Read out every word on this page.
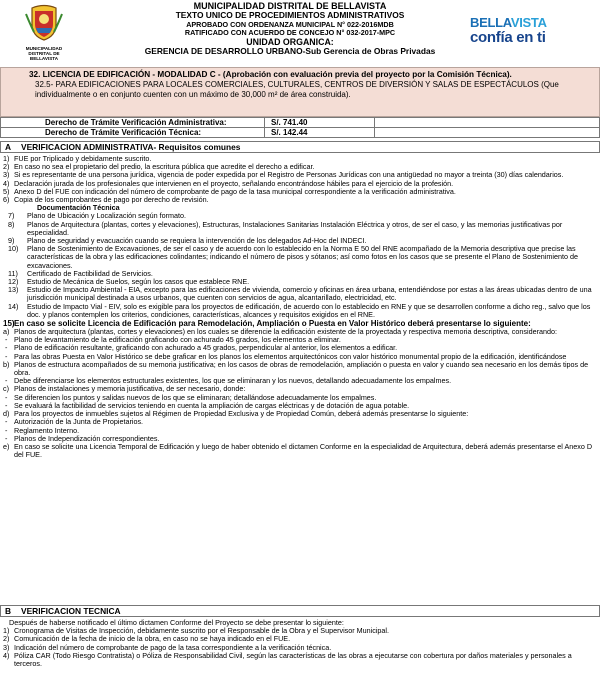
MUNICIPALIDAD DISTRITAL DE BELLAVISTA
MUNICIPALIDAD DISTRITAL DE BELLAVISTA
TEXTO UNICO DE PROCEDIMIENTOS ADMINISTRATIVOS
APROBADO CON ORDENANZA MUNICIPAL N° 022-2016MDB
RATIFICADO CON ACUERDO DE CONCEJO N° 032-2017-MPC
UNIDAD ORGANICA:
GERENCIA DE DESARROLLO URBANO-Sub Gerencia de Obras Privadas
BELLAVISTA
confía en ti
32. LICENCIA DE EDIFICACIÓN - MODALIDAD C - (Aprobación con evaluación previa del proyecto por la Comisión Técnica).
32.5- PARA EDIFICACIONES PARA LOCALES COMERCIALES, CULTURALES, CENTROS DE DIVERSIÓN Y SALAS DE ESPECTÁCULOS (Que individualmente o en conjunto cuenten con un máximo de 30,000 m² de área construida).
Derecho de Trámite Verificación Administrativa:	S/. 741.40	
Derecho de Trámite Verificación Técnica:	S/. 142.44	
A VERIFICACION ADMINISTRATIVA- Requisitos comunes
1) FUE por Triplicado y debidamente suscrito.
2) En caso no sea el propietario del predio, la escritura pública que acredite el derecho a edificar.
3) Si es representante de una persona jurídica, vigencia de poder expedida por el Registro de Personas Jurídicas con una antigüedad no mayor a treinta (30) días calendarios.
4) Declaración jurada de los profesionales que intervienen en el proyecto, señalando encontrándose hábiles para el ejercicio de la profesión.
5) Anexo D del FUE con indicación del número de comprobante de pago de la tasa municipal correspondiente a la verificación administrativa.
6) Copia de los comprobantes de pago por derecho de revisión.
Documentación Técnica
7) Plano de Ubicación y Localización según formato.
8) Planos de Arquitectura (plantas, cortes y elevaciones), Estructuras, Instalaciones Sanitarias Instalación Eléctrica y otros, de ser el caso, y las memorias justificativas por especialidad.
9) Plano de seguridad y evacuación cuando se requiera la intervención de los delegados Ad-Hoc del INDECI.
10) Plano de Sostenimiento de Excavaciones, de ser el caso y de acuerdo con lo establecido en la Norma E 50 del RNE acompañado de la Memoria descriptiva que precise las características de la obra y las edificaciones colindantes; indicando el número de pisos y sótanos; así como fotos en los casos que se presente el Plano de Sostenimiento de excavaciones.
11) Certificado de Factibilidad de Servicios.
12) Estudio de Mecánica de Suelos, según los casos que establece RNE.
13) Estudio de Impacto Ambiental - EIA, excepto para las edificaciones de vivienda, comercio y oficinas en área urbana, entendiéndose por estas a las áreas ubicadas dentro de una jurisdicción municipal destinada a usos urbanos, que cuenten con servicios de agua, alcantarillado, electricidad, etc.
14) Estudio de Impacto Vial - EIV, solo es exigible para los proyectos de edificación, de acuerdo con lo establecido en RNE y que se desarrollen conforme a dicho reg., salvo que los doc. y planos contemplen los criterios, condiciones, características, alcances y requisitos exigidos en el RNE.
15) En caso se solicite Licencia de Edificación para Remodelación, Ampliación o Puesta en Valor Histórico deberá presentarse lo siguiente:
a) Planos de arquitectura (plantas, cortes y elevaciones) en los cuales se diferencie la edificación existente de la proyectada y respectiva memoria descriptiva, considerando:
- Plano de levantamiento de la edificación graficando con achurado 45 grados, los elementos a eliminar.
- Plano de edificación resultante, graficando con achurado a 45 grados, perpendicular al anterior, los elementos a edificar.
- Para las obras Puesta en Valor Histórico se debe graficar en los planos los elementos arquitectónicos con valor histórico monumental propio de la edificación, identificándose
b) Planos de estructura acompañados de su memoria justificativa; en los casos de obras de remodelación, ampliación o puesta en valor y cuando sea necesario en los demás tipos de obra.
- Debe diferenciarse los elementos estructurales existentes, los que se eliminaran y los nuevos, detallando adecuadamente los empalmes.
c) Planos de instalaciones y memoria justificativa, de ser necesario, donde:
- Se diferencien los puntos y salidas nuevos de los que se eliminaran; detallándose adecuadamente los empalmes.
- Se evaluará la factibilidad de servicios teniendo en cuenta la ampliación de cargas eléctricas y de dotación de agua potable.
d) Para los proyectos de inmuebles sujetos al Régimen de Propiedad Exclusiva y de Propiedad Común, deberá además presentarse lo siguiente:
- Autorización de la Junta de Propietarios.
- Reglamento Interno.
- Planos de Independización correspondientes.
e) En caso se solicite una Licencia Temporal de Edificación y luego de haber obtenido el dictamen Conforme en la especialidad de Arquitectura, deberá además presentarse el Anexo D del FUE.
B VERIFICACION TECNICA
Después de haberse notificado el último dictamen Conforme del Proyecto se debe presentar lo siguiente:
1) Cronograma de Visitas de Inspección, debidamente suscrito por el Responsable de la Obra y el Supervisor Municipal.
2) Comunicación de la fecha de inicio de la obra, en caso no se haya indicado en el FUE.
3) Indicación del número de comprobante de pago de la tasa correspondiente a la verificación técnica.
4) Póliza CAR (Todo Riesgo Contratista) o Póliza de Responsabilidad Civil, según las características de las obras a ejecutarse con cobertura por daños materiales y personales a terceros.
